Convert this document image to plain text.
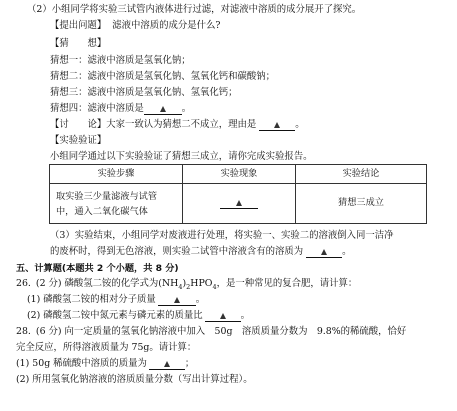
（2）小组同学将实验三试管内液体进行过滤，对滤液中溶质的成分展开了探究。
【提出问题】 滤液中溶质的成分是什么?
【猜　　想】
猜想一：滤液中溶质是氢氧化钠；
猜想二：滤液中溶质是氢氧化钠、氢氧化钙和碳酸钠；
猜想三：滤液中溶质是氢氧化钠、氢氧化钙；
猜想四：滤液中溶质是	。
【讨　　论】大家一致认为猜想二不成立，理由是	。
【实验验证】
小组同学通过以下实验验证了猜想三成立，请你完成实验报告。
实验步骤	实验现象	实验结论

取实验三少量滤液与试管
中，通入二氧化碳气体		猜想三成立
（3）实验结束，小组同学对废液进行处理，将实验一、实验二的溶液倒入同一洁净
的废杯时，得到无色溶液，则实验二试管中溶液含有的溶质为	。
五、计算题(本题共 2 个小题，共 8 分)
26. (2 分) 磷酸氢二铵的化学式为$(NH_4)_2HPO_4$，是一种常见的复合肥，请计算：
(1) 磷酸氢二铵的相对分子质量	。
(2) 磷酸氢二铵中氮元素与磷元素的质量比	。
28. (6 分) 向一定质量的氢氧化钠溶液中加入　50g　溶质质量分数为　9.8%的稀硫酸，恰好
完全反应，所得溶液质量为 75g。请计算：
(1) 50g 稀硫酸中溶质的质量为	；
(2) 所用氢氧化钠溶液的溶质质量分数（写出计算过程）。
